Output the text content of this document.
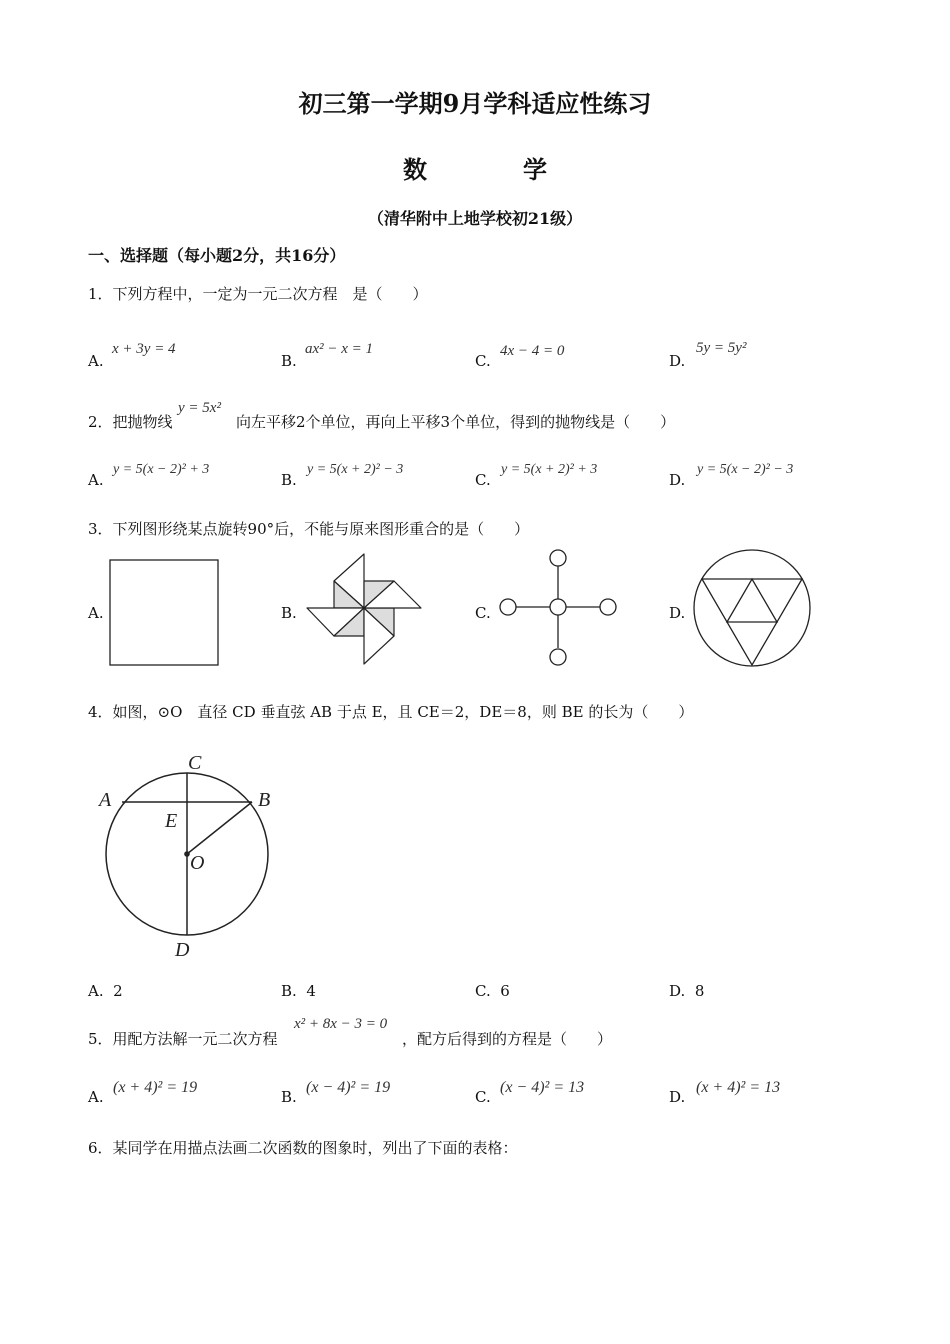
初三第一学期9月学科适应性练习
数　　　　学
（清华附中上地学校初21级）
一、选择题（每小题2分，共16分）
1．下列方程中，一定为一元二次方程　是（　　）
A.
x + 3y = 4
B.
ax² − x = 1
C.
4x − 4 = 0
D.
5y = 5y²
2．把抛物线
y = 5x²
向左平移2个单位，再向上平移3个单位，得到的抛物线是（　　）
A.
y = 5(x − 2)² + 3
B.
y = 5(x + 2)² − 3
C.
y = 5(x + 2)² + 3
D.
y = 5(x − 2)² − 3
3．下列图形绕某点旋转90°后，不能与原来图形重合的是（　　）
A.	B.	C.	D.
4．如图，⊙O　直径 CD 垂直弦 AB 于点 E，且 CE＝2，DE＝8，则 BE 的长为（　　）
C
A	B
E
O
D
A. 2	B. 4	C. 6	D. 8
5．用配方法解一元二次方程
x² + 8x − 3 = 0
，配方后得到的方程是（　　）
A.
(x + 4)² = 19
B.
(x − 4)² = 19
C.
(x − 4)² = 13
D.
(x + 4)² = 13
6．某同学在用描点法画二次函数的图象时，列出了下面的表格：
